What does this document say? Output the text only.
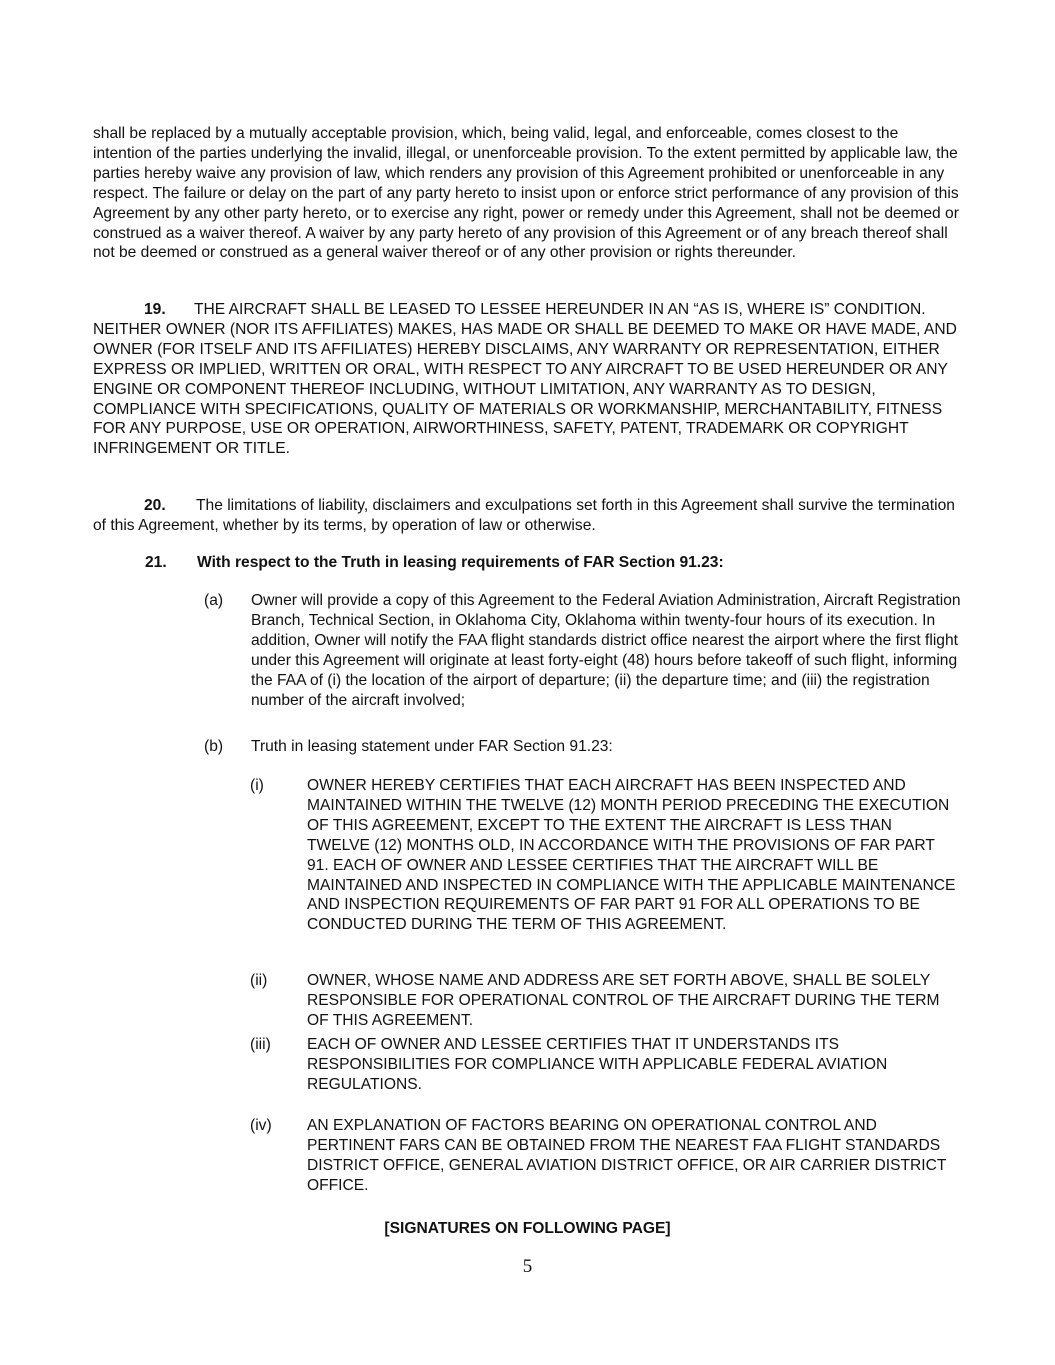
shall be replaced by a mutually acceptable provision, which, being valid, legal, and enforceable, comes closest to the intention of the parties underlying the invalid, illegal, or unenforceable provision. To the extent permitted by applicable law, the parties hereby waive any provision of law, which renders any provision of this Agreement prohibited or unenforceable in any respect. The failure or delay on the part of any party hereto to insist upon or enforce strict performance of any provision of this Agreement by any other party hereto, or to exercise any right, power or remedy under this Agreement, shall not be deemed or construed as a waiver thereof. A waiver by any party hereto of any provision of this Agreement or of any breach thereof shall not be deemed or construed as a general waiver thereof or of any other provision or rights thereunder.

19. THE AIRCRAFT SHALL BE LEASED TO LESSEE HEREUNDER IN AN “AS IS, WHERE IS” CONDITION. NEITHER OWNER (NOR ITS AFFILIATES) MAKES, HAS MADE OR SHALL BE DEEMED TO MAKE OR HAVE MADE, AND OWNER (FOR ITSELF AND ITS AFFILIATES) HEREBY DISCLAIMS, ANY WARRANTY OR REPRESENTATION, EITHER EXPRESS OR IMPLIED, WRITTEN OR ORAL, WITH RESPECT TO ANY AIRCRAFT TO BE USED HEREUNDER OR ANY ENGINE OR COMPONENT THEREOF INCLUDING, WITHOUT LIMITATION, ANY WARRANTY AS TO DESIGN, COMPLIANCE WITH SPECIFICATIONS, QUALITY OF MATERIALS OR WORKMANSHIP, MERCHANTABILITY, FITNESS FOR ANY PURPOSE, USE OR OPERATION, AIRWORTHINESS, SAFETY, PATENT, TRADEMARK OR COPYRIGHT INFRINGEMENT OR TITLE.

20. The limitations of liability, disclaimers and exculpations set forth in this Agreement shall survive the termination of this Agreement, whether by its terms, by operation of law or otherwise.

21. With respect to the Truth in leasing requirements of FAR Section 91.23:
(a) Owner will provide a copy of this Agreement to the Federal Aviation Administration, Aircraft Registration Branch, Technical Section, in Oklahoma City, Oklahoma within twenty-four hours of its execution. In addition, Owner will notify the FAA flight standards district office nearest the airport where the first flight under this Agreement will originate at least forty-eight (48) hours before takeoff of such flight, informing the FAA of (i) the location of the airport of departure; (ii) the departure time; and (iii) the registration number of the aircraft involved;
(b) Truth in leasing statement under FAR Section 91.23:
(i)	OWNER HEREBY CERTIFIES THAT EACH AIRCRAFT HAS BEEN INSPECTED AND MAINTAINED WITHIN THE TWELVE (12) MONTH PERIOD PRECEDING THE EXECUTION OF THIS AGREEMENT, EXCEPT TO THE EXTENT THE AIRCRAFT IS LESS THAN TWELVE (12) MONTHS OLD, IN ACCORDANCE WITH THE PROVISIONS OF FAR PART 91. EACH OF OWNER AND LESSEE CERTIFIES THAT THE AIRCRAFT WILL BE MAINTAINED AND INSPECTED IN COMPLIANCE WITH THE APPLICABLE MAINTENANCE AND INSPECTION REQUIREMENTS OF FAR PART 91 FOR ALL OPERATIONS TO BE CONDUCTED DURING THE TERM OF THIS AGREEMENT.
(ii)	OWNER, WHOSE NAME AND ADDRESS ARE SET FORTH ABOVE, SHALL BE SOLELY RESPONSIBLE FOR OPERATIONAL CONTROL OF THE AIRCRAFT DURING THE TERM OF THIS AGREEMENT.
(iii) EACH OF OWNER AND LESSEE CERTIFIES THAT IT UNDERSTANDS ITS RESPONSIBILITIES FOR COMPLIANCE WITH APPLICABLE FEDERAL AVIATION REGULATIONS.
(iv) AN EXPLANATION OF FACTORS BEARING ON OPERATIONAL CONTROL AND PERTINENT FARS CAN BE OBTAINED FROM THE NEAREST FAA FLIGHT STANDARDS DISTRICT OFFICE, GENERAL AVIATION DISTRICT OFFICE, OR AIR CARRIER DISTRICT OFFICE.
[SIGNATURES ON FOLLOWING PAGE]
5
